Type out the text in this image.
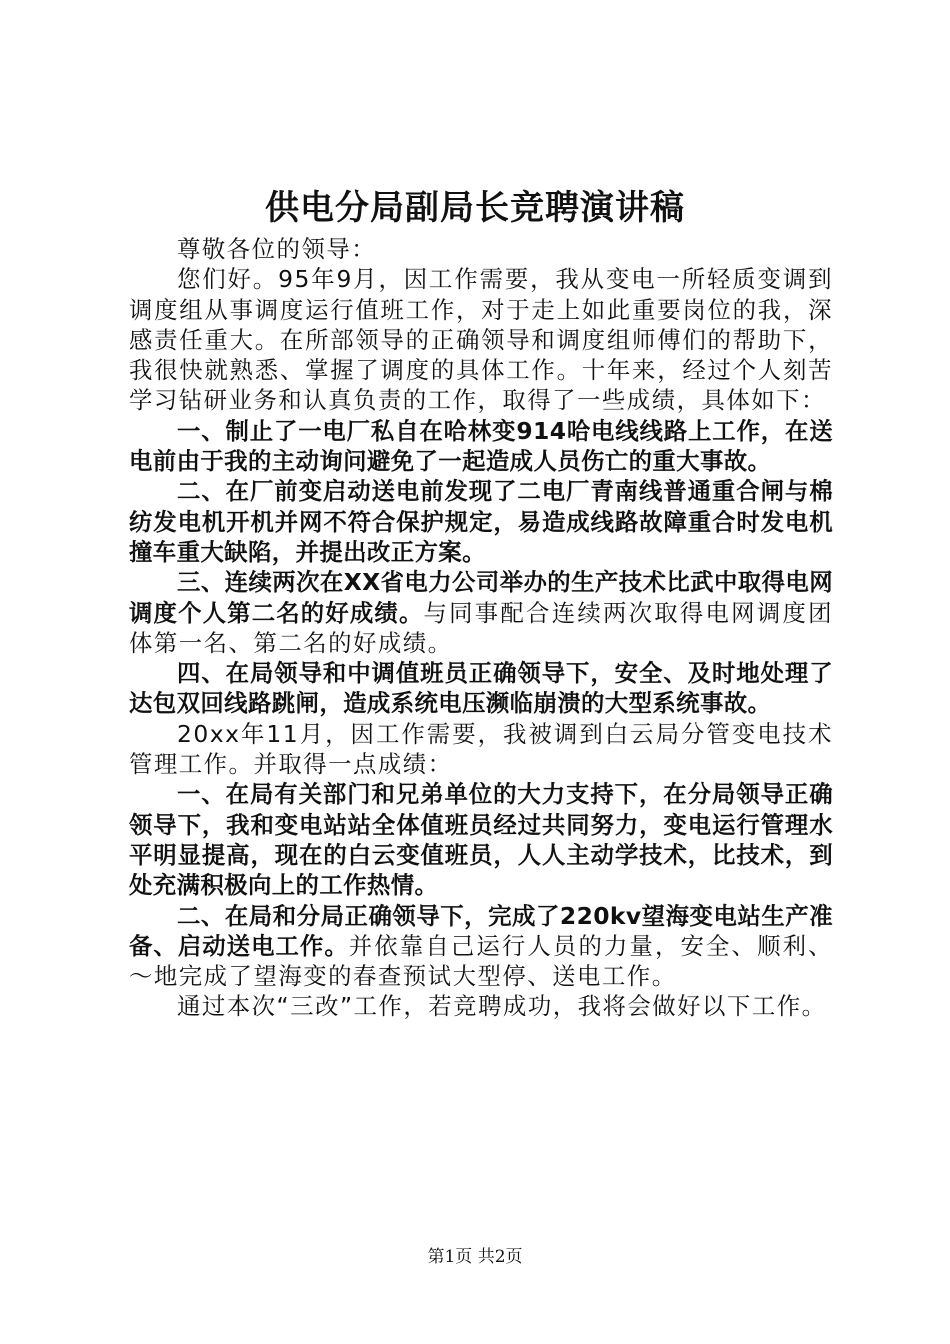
供电分局副局长竞聘演讲稿

尊敬各位的领导：

您们好。95年9月，因工作需要，我从变电一所轻质变调到调度组从事调度运行值班工作，对于走上如此重要岗位的我，深感责任重大。在所部领导的正确领导和调度组师傅们的帮助下，我很快就熟悉、掌握了调度的具体工作。十年来，经过个人刻苦学习钻研业务和认真负责的工作，取得了一些成绩，具体如下：

一、制止了一电厂私自在哈林变914哈电线线路上工作，在送电前由于我的主动询问避免了一起造成人员伤亡的重大事故。

二、在厂前变启动送电前发现了二电厂青南线普通重合闸与棉纺发电机开机并网不符合保护规定，易造成线路故障重合时发电机撞车重大缺陷，并提出改正方案。

三、连续两次在XX省电力公司举办的生产技术比武中取得电网调度个人第二名的好成绩。与同事配合连续两次取得电网调度团体第一名、第二名的好成绩。

四、在局领导和中调值班员正确领导下，安全、及时地处理了达包双回线路跳闸，造成系统电压濒临崩溃的大型系统事故。

20xx年11月，因工作需要，我被调到白云局分管变电技术管理工作。并取得一点成绩：

一、在局有关部门和兄弟单位的大力支持下，在分局领导正确领导下，我和变电站站全体值班员经过共同努力，变电运行管理水平明显提高，现在的白云变值班员，人人主动学技术，比技术，到处充满积极向上的工作热情。

二、在局和分局正确领导下，完成了220kv望海变电站生产准备、启动送电工作。并依靠自己运行人员的力量，安全、顺利、～地完成了望海变的春查预试大型停、送电工作。

通过本次“三改”工作，若竞聘成功，我将会做好以下工作。

第1页 共2页
